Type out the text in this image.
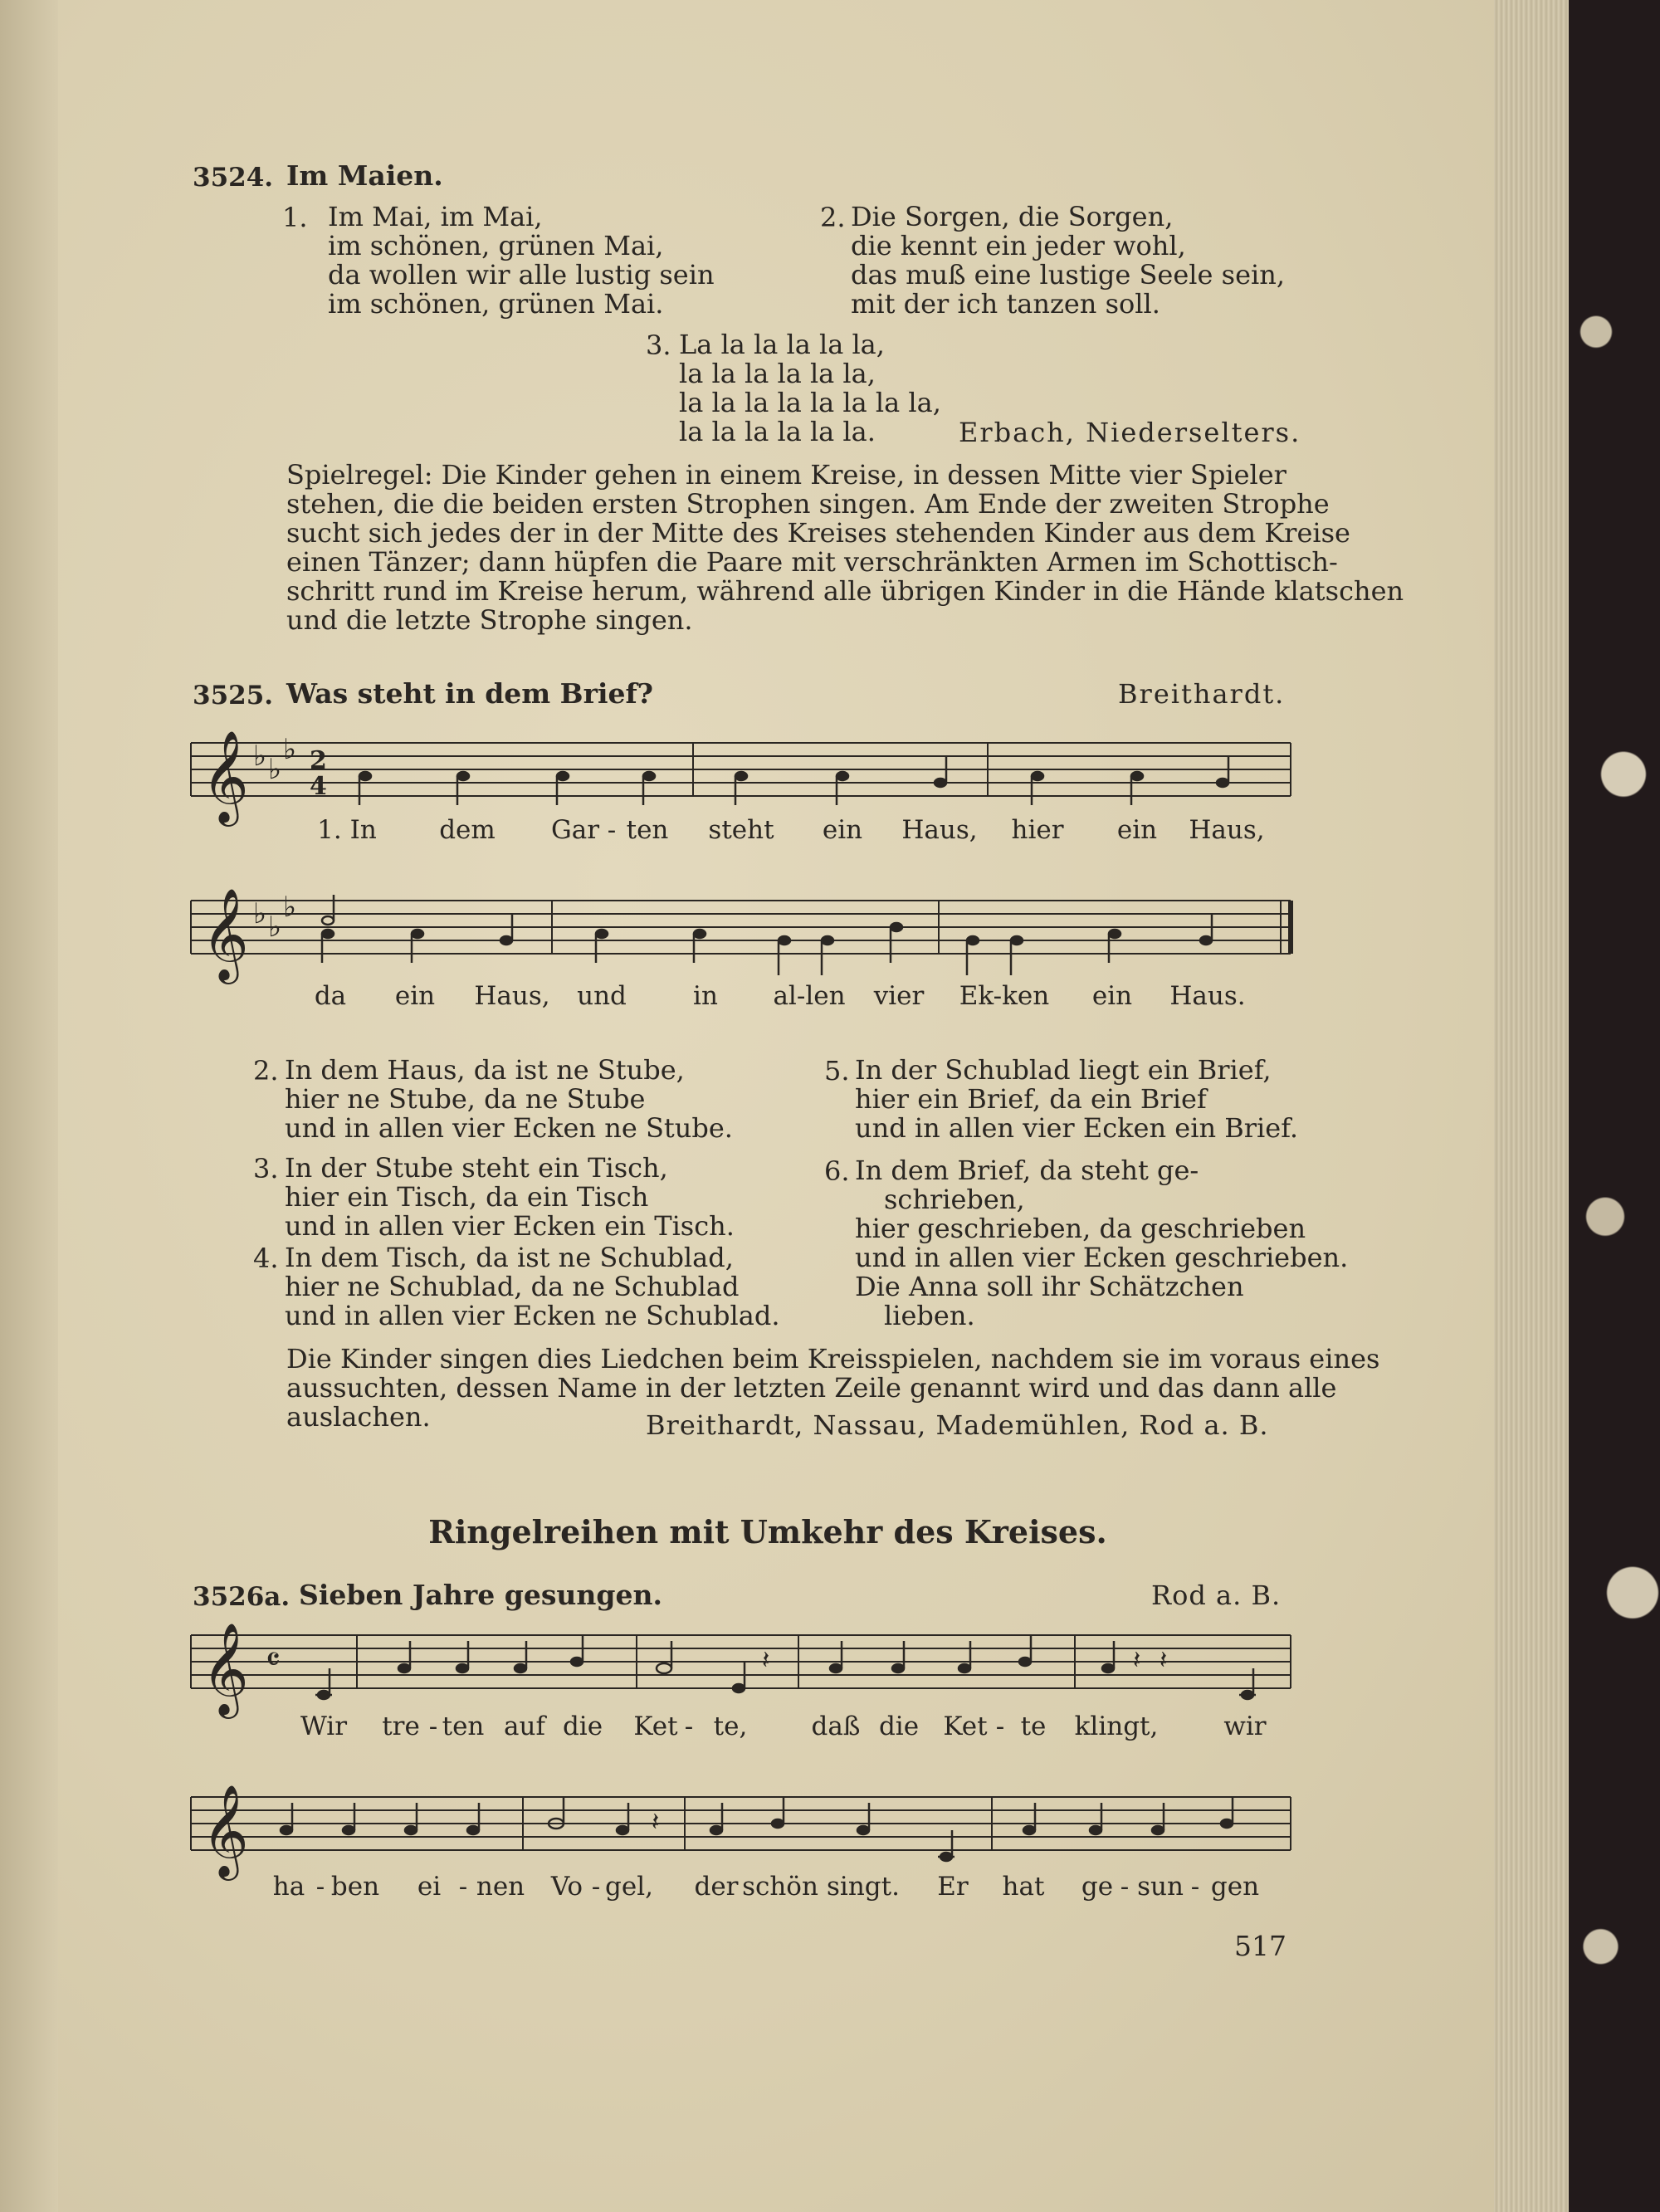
3524. Im Maien.
1. Im Mai, im Mai,
im schönen, grünen Mai,
da wollen wir alle lustig sein
im schönen, grünen Mai.
2. Die Sorgen, die Sorgen,
die kennt ein jeder wohl,
das muß eine lustige Seele sein,
mit der ich tanzen soll.
3. La la la la la la,
la la la la la la,
la la la la la la la la,
la la la la la la.	Erbach, Niederselters.
Spielregel: Die Kinder gehen in einem Kreise, in dessen Mitte vier Spieler
stehen, die die beiden ersten Strophen singen. Am Ende der zweiten Strophe
sucht sich jedes der in der Mitte des Kreises stehenden Kinder aus dem Kreise
einen Tänzer; dann hüpfen die Paare mit verschränkten Armen im Schottisch-
schritt rund im Kreise herum, während alle übrigen Kinder in die Hände klatschen
und die letzte Strophe singen.
3525. Was steht in dem Brief?	Breithardt.
𝄞 ♭ ♭
♭ 2
4
1. In dem Gar - ten steht ein Haus, hier ein Haus,
𝄞 ♭ ♭
♭
da ein Haus, und	in al-len vier Ek-ken ein Haus.
2. In dem Haus, da ist ne Stube,
hier ne Stube, da ne Stube
und in allen vier Ecken ne Stube.
3. In der Stube steht ein Tisch,
hier ein Tisch, da ein Tisch
und in allen vier Ecken ein Tisch.
4. In dem Tisch, da ist ne Schublad,
hier ne Schublad, da ne Schublad
und in allen vier Ecken ne Schublad.
5. In der Schublad liegt ein Brief,
hier ein Brief, da ein Brief
und in allen vier Ecken ein Brief.
6. In dem Brief, da steht ge-
schrieben,
hier geschrieben, da geschrieben
und in allen vier Ecken geschrieben.
Die Anna soll ihr Schätzchen
lieben.
Die Kinder singen dies Liedchen beim Kreisspielen, nachdem sie im voraus eines
aussuchten, dessen Name in der letzten Zeile genannt wird und das dann alle
auslachen.	Breithardt, Nassau, Mademühlen, Rod a. B.
Ringelreihen mit Umkehr des Kreises.
3526a. Sieben Jahre gesungen.	Rod a. B.
𝄞 𝄴	𝄽	𝄽 𝄽
Wir tre - ten auf die Ket - te, daß die Ket - te klingt,	wir
𝄞	𝄽
ha - ben ei - nen Vo - gel, der schön singt. Er hat ge - sun - gen
517
